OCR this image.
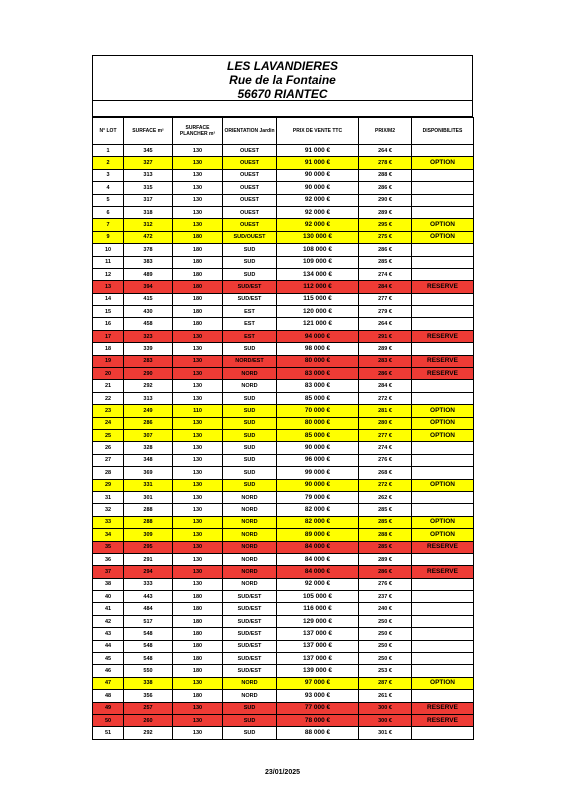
LES LAVANDIERES
Rue de la Fontaine
56670 RIANTEC
N° LOT	SURFACE m²	SURFACE PLANCHER m²	ORIENTATION Jardin	PRIX DE VENTE TTC	PRIX/M2	DISPONIBILITES
1	345	130	OUEST	91 000 €	264 €	
2	327	130	OUEST	91 000 €	278 €	OPTION
3	313	130	OUEST	90 000 €	288 €	
4	315	130	OUEST	90 000 €	286 €	
5	317	130	OUEST	92 000 €	290 €	
6	318	130	OUEST	92 000 €	289 €	
7	312	130	OUEST	92 000 €	295 €	OPTION
9	472	180	SUD/OUEST	130 000 €	275 €	OPTION
10	378	180	SUD	108 000 €	286 €	
11	383	180	SUD	109 000 €	285 €	
12	489	180	SUD	134 000 €	274 €	
13	394	180	SUD/EST	112 000 €	284 €	RESERVE
14	415	180	SUD/EST	115 000 €	277 €	
15	430	180	EST	120 000 €	279 €	
16	458	180	EST	121 000 €	264 €	
17	323	130	EST	94 000 €	291 €	RESERVE
18	339	130	SUD	98 000 €	289 €	
19	283	130	NORD/EST	80 000 €	283 €	RESERVE
20	290	130	NORD	83 000 €	286 €	RESERVE
21	292	130	NORD	83 000 €	284 €	
22	313	130	SUD	85 000 €	272 €	
23	249	110	SUD	70 000 €	281 €	OPTION
24	286	130	SUD	80 000 €	280 €	OPTION
25	307	130	SUD	85 000 €	277 €	OPTION
26	328	130	SUD	90 000 €	274 €	
27	348	130	SUD	96 000 €	276 €	
28	369	130	SUD	99 000 €	268 €	
29	331	130	SUD	90 000 €	272 €	OPTION
31	301	130	NORD	79 000 €	262 €	
32	288	130	NORD	82 000 €	285 €	
33	288	130	NORD	82 000 €	285 €	OPTION
34	309	130	NORD	89 000 €	288 €	OPTION
35	295	130	NORD	84 000 €	285 €	RESERVE
36	291	130	NORD	84 000 €	289 €	
37	294	130	NORD	84 000 €	286 €	RESERVE
38	333	130	NORD	92 000 €	276 €	
40	443	180	SUD/EST	105 000 €	237 €	
41	484	180	SUD/EST	116 000 €	240 €	
42	517	180	SUD/EST	129 000 €	250 €	
43	548	180	SUD/EST	137 000 €	250 €	
44	548	180	SUD/EST	137 000 €	250 €	
45	548	180	SUD/EST	137 000 €	250 €	
46	550	180	SUD/EST	139 000 €	253 €	
47	338	130	NORD	97 000 €	287 €	OPTION
48	356	180	NORD	93 000 €	261 €	
49	257	130	SUD	77 000 €	300 €	RESERVE
50	260	130	SUD	78 000 €	300 €	RESERVE
51	292	130	SUD	88 000 €	301 €	
23/01/2025
